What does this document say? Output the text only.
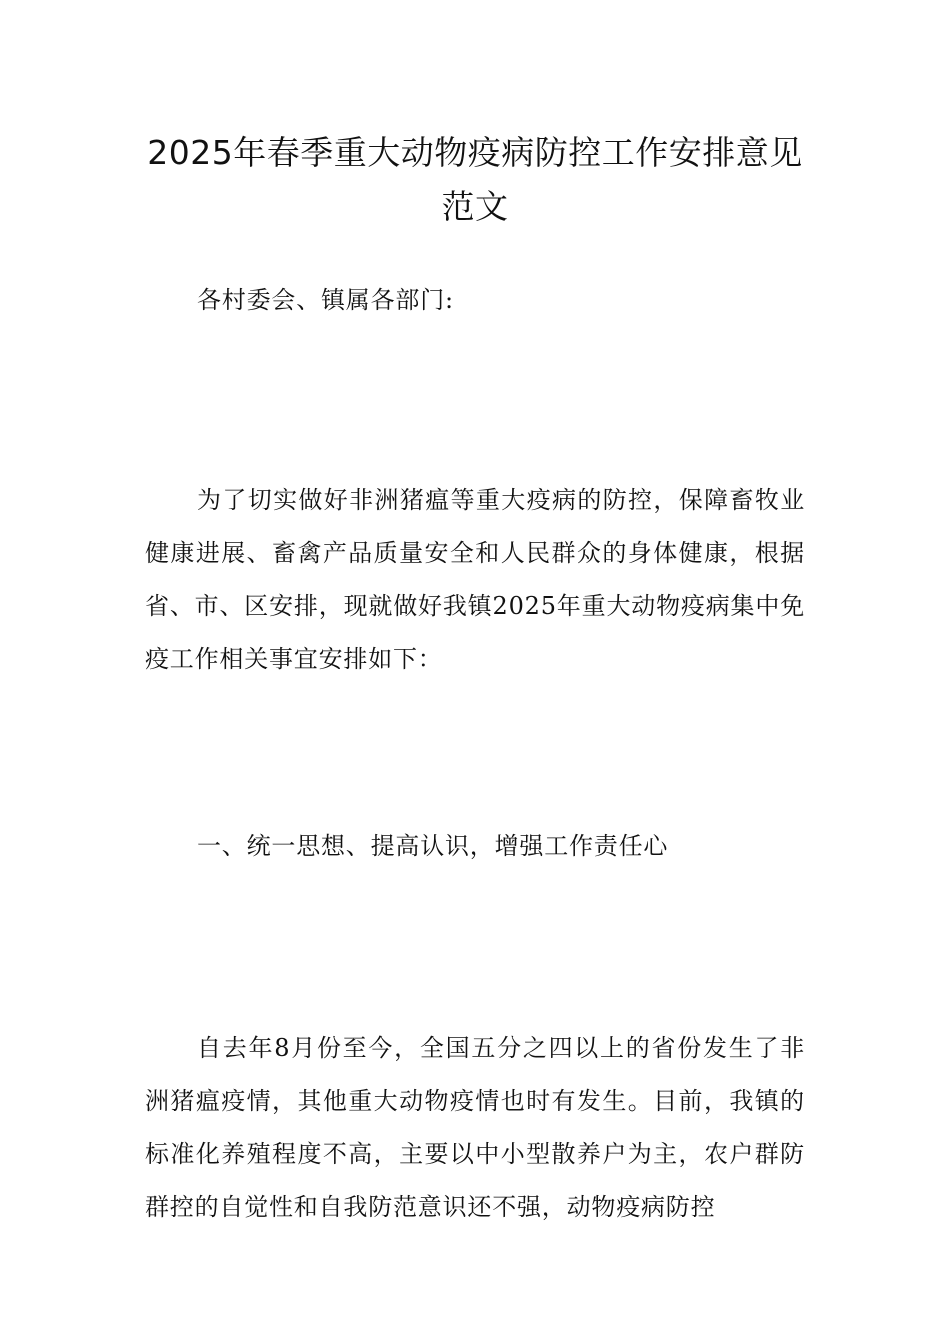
2025年春季重大动物疫病防控工作安排意见范文

各村委会、镇属各部门:

为了切实做好非洲猪瘟等重大疫病的防控，保障畜牧业健康进展、畜禽产品质量安全和人民群众的身体健康，根据省、市、区安排，现就做好我镇2025年重大动物疫病集中免疫工作相关事宜安排如下：

一、统一思想、提高认识，增强工作责任心

自去年8月份至今，全国五分之四以上的省份发生了非洲猪瘟疫情，其他重大动物疫情也时有发生。目前，我镇的标准化养殖程度不高，主要以中小型散养户为主，农户群防群控的自觉性和自我防范意识还不强，动物疫病防控
